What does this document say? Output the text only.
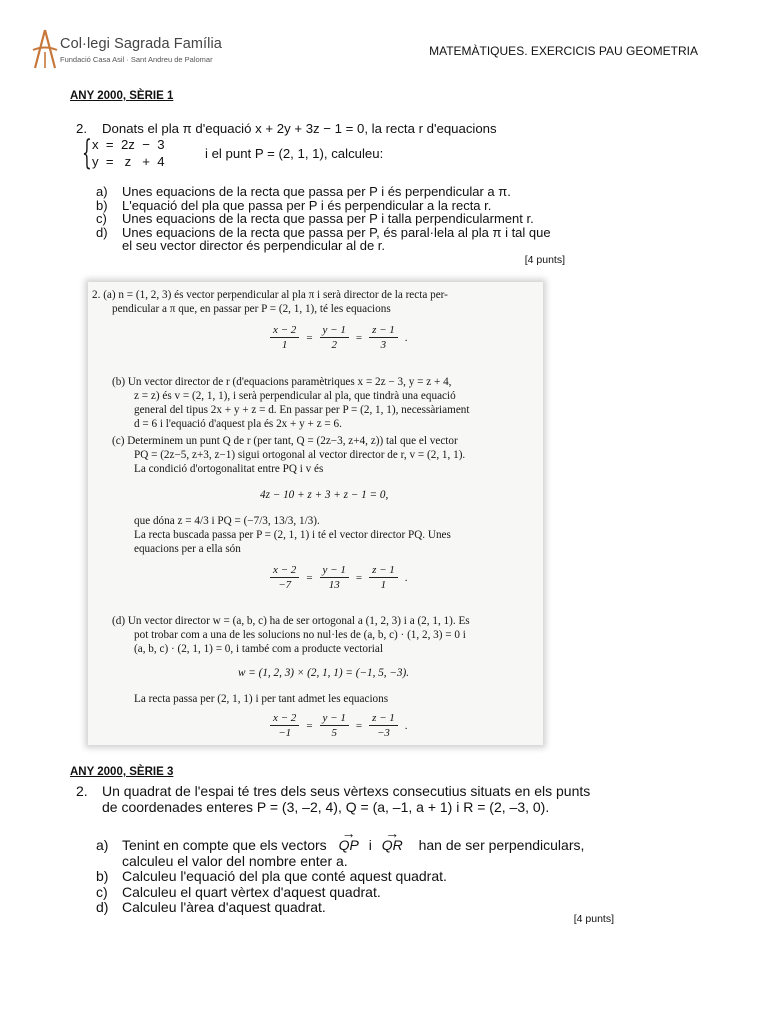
Col·legi Sagrada Família
Fundació Casa Asil · Sant Andreu de Palomar
MATEMÀTIQUES. EXERCICIS PAU GEOMETRIA
ANY 2000, SÈRIE 1
2. Donats el pla π d'equació x + 2y + 3z − 1 = 0, la recta r d'equacions
{ x  =  2z  −  3
y  =   z   +  4
i el punt P = (2, 1, 1), calculeu:
a) Unes equacions de la recta que passa per P i és perpendicular a π.
b) L'equació del pla que passa per P i és perpendicular a la recta r.
c) Unes equacions de la recta que passa per P i talla perpendicularment r.
d) Unes equacions de la recta que passa per P, és paral·lela al pla π i tal que
el seu vector director és perpendicular al de r.
[4 punts]
2. (a) n = (1, 2, 3) és vector perpendicular al pla π i serà director de la recta per-
pendicular a π que, en passar per P = (2, 1, 1), té les equacions
$\frac{x - 2}{1} = \frac{y - 1}{2} = \frac{z - 1}{3}$ .
(b) Un vector director de r (d'equacions paramètriques x = 2z − 3, y = z + 4,
z = z) és v = (2, 1, 1), i serà perpendicular al pla, que tindrà una equació
general del tipus 2x + y + z = d. En passar per P = (2, 1, 1), necessàriament
d = 6 i l'equació d'aquest pla és 2x + y + z = 6.
(c) Determinem un punt Q de r (per tant, Q = (2z−3, z+4, z)) tal que el vector
PQ = (2z−5, z+3, z−1) sigui ortogonal al vector director de r, v = (2, 1, 1).
La condició d'ortogonalitat entre PQ i v és
4z − 10 + z + 3 + z − 1 = 0,
que dóna z = 4/3 i PQ = (−7/3, 13/3, 1/3).
La recta buscada passa per P = (2, 1, 1) i té el vector director PQ. Unes
equacions per a ella són
$\frac{x - 2}{-7} = \frac{y - 1}{13} = \frac{z - 1}{1}$ .
(d) Un vector director w = (a, b, c) ha de ser ortogonal a (1, 2, 3) i a (2, 1, 1). Es
pot trobar com a una de les solucions no nul·les de (a, b, c) · (1, 2, 3) = 0 i
(a, b, c) · (2, 1, 1) = 0, i també com a producte vectorial
w = (1, 2, 3) × (2, 1, 1) = (−1, 5, −3).
La recta passa per (2, 1, 1) i per tant admet les equacions
$\frac{x - 2}{-1} = \frac{y - 1}{5} = \frac{z - 1}{-3}$ .
ANY 2000, SÈRIE 3
2. Un quadrat de l'espai té tres dels seus vèrtexs consecutius situats en els punts
de coordenades enteres P = (3, –2, 4), Q = (a, –1, a + 1) i R = (2, –3, 0).
a) Tenint en compte que els vectors → QP i → QR han de ser perpendiculars,
calculeu el valor del nombre enter a.
b) Calculeu l'equació del pla que conté aquest quadrat.
c) Calculeu el quart vèrtex d'aquest quadrat.
d) Calculeu l'àrea d'aquest quadrat.
[4 punts]
